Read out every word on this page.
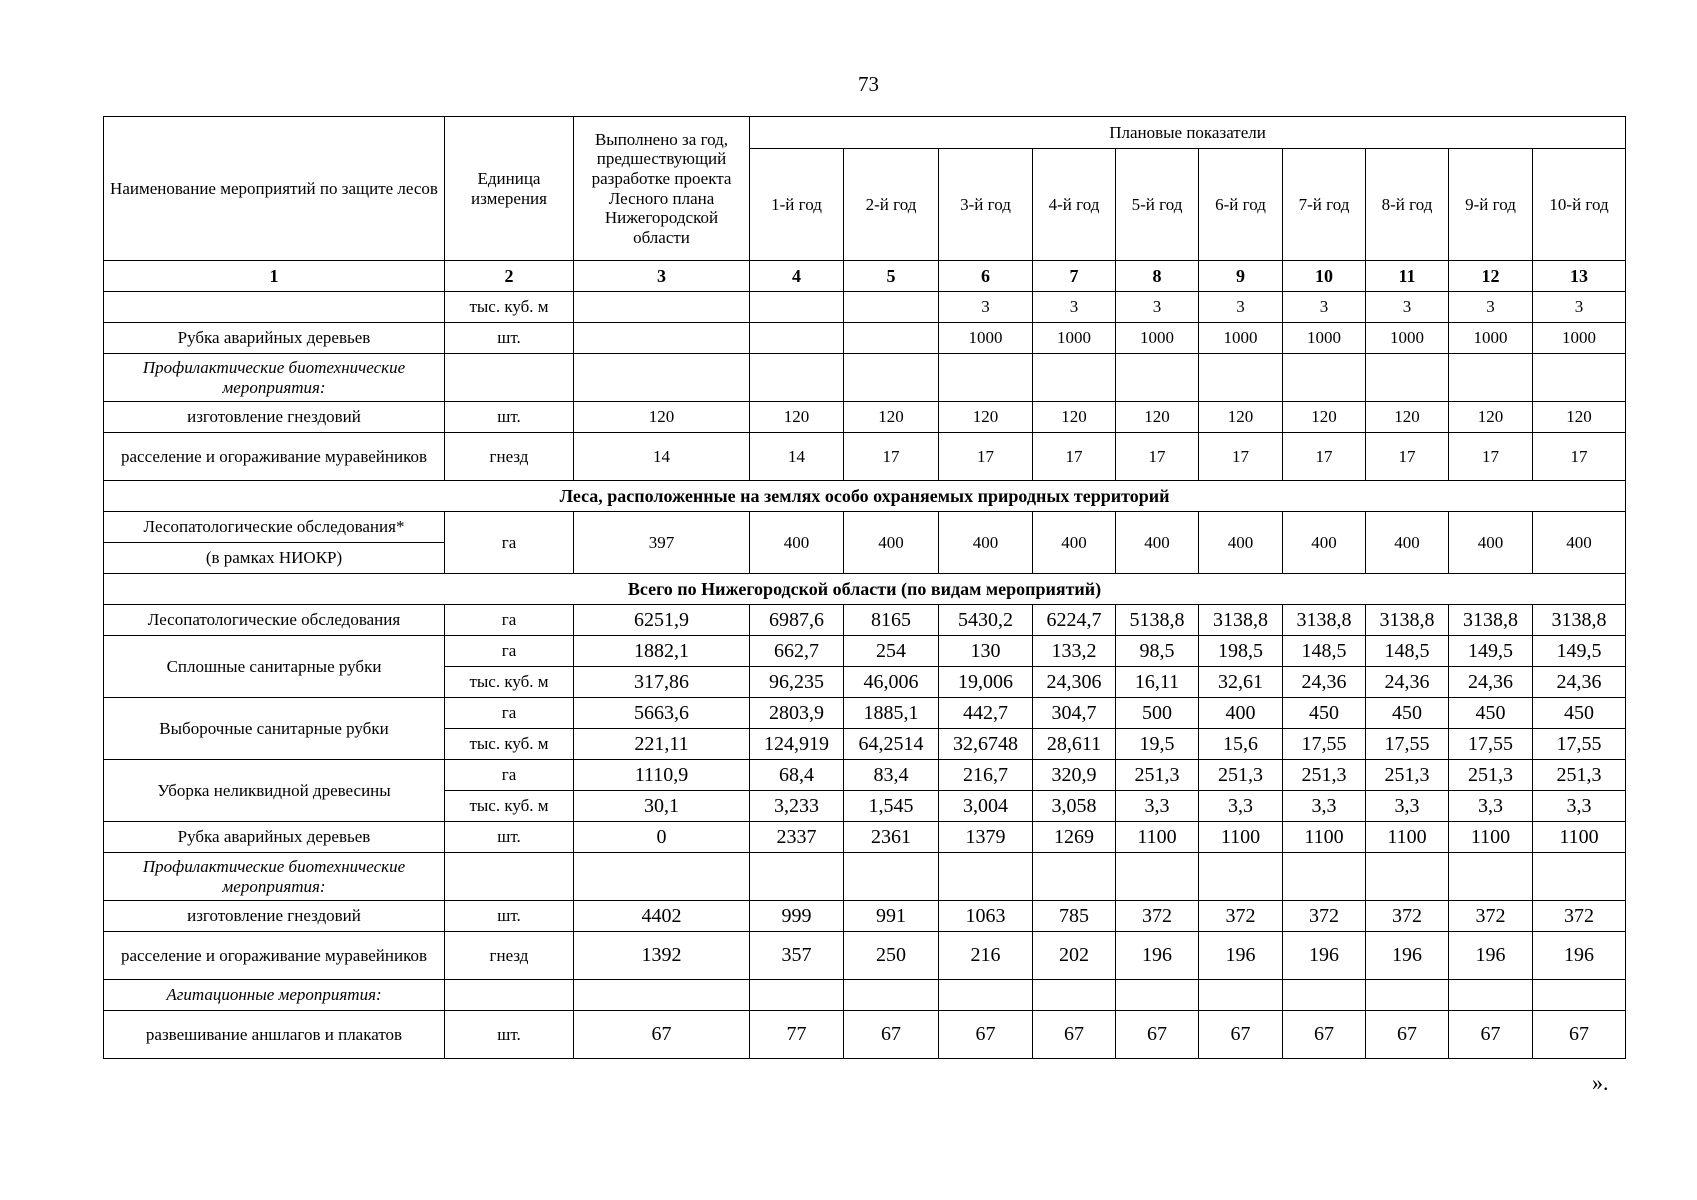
73
Наименование мероприятий по защите лесов	Единица измерения	Выполнено за год, предшествующий разработке проекта Лесного плана Нижегородской области	Плановые показатели									
			1-й год	2-й год	3-й год	4-й год	5-й год	6-й год	7-й год	8-й год	9-й год	10-й год
1	2	3	4	5	6	7	8	9	10	11	12	13
	тыс. куб. м				3	3	3	3	3	3	3	3
Рубка аварийных деревьев	шт.				1000	1000	1000	1000	1000	1000	1000	1000
Профилактические биотехнические мероприятия:												
изготовление гнездовий	шт.	120	120	120	120	120	120	120	120	120	120	120
расселение и огораживание муравейников	гнезд	14	14	17	17	17	17	17	17	17	17	17
Леса, расположенные на землях особо охраняемых природных территорий												
Лесопатологические обследования*	га	397	400	400	400	400	400	400	400	400	400	400
(в рамках НИОКР)												
Всего по Нижегородской области (по видам мероприятий)												
Лесопатологические обследования	га	6251,9	6987,6	8165	5430,2	6224,7	5138,8	3138,8	3138,8	3138,8	3138,8	3138,8
Сплошные санитарные рубки	га	1882,1	662,7	254	130	133,2	98,5	198,5	148,5	148,5	149,5	149,5
	тыс. куб. м	317,86	96,235	46,006	19,006	24,306	16,11	32,61	24,36	24,36	24,36	24,36
Выборочные санитарные рубки	га	5663,6	2803,9	1885,1	442,7	304,7	500	400	450	450	450	450
	тыс. куб. м	221,11	124,919	64,2514	32,6748	28,611	19,5	15,6	17,55	17,55	17,55	17,55
Уборка неликвидной древесины	га	1110,9	68,4	83,4	216,7	320,9	251,3	251,3	251,3	251,3	251,3	251,3
	тыс. куб. м	30,1	3,233	1,545	3,004	3,058	3,3	3,3	3,3	3,3	3,3	3,3
Рубка аварийных деревьев	шт.	0	2337	2361	1379	1269	1100	1100	1100	1100	1100	1100
Профилактические биотехнические мероприятия:												
изготовление гнездовий	шт.	4402	999	991	1063	785	372	372	372	372	372	372
расселение и огораживание муравейников	гнезд	1392	357	250	216	202	196	196	196	196	196	196
Агитационные мероприятия:												
развешивание аншлагов и плакатов	шт.	67	77	67	67	67	67	67	67	67	67	67
».
